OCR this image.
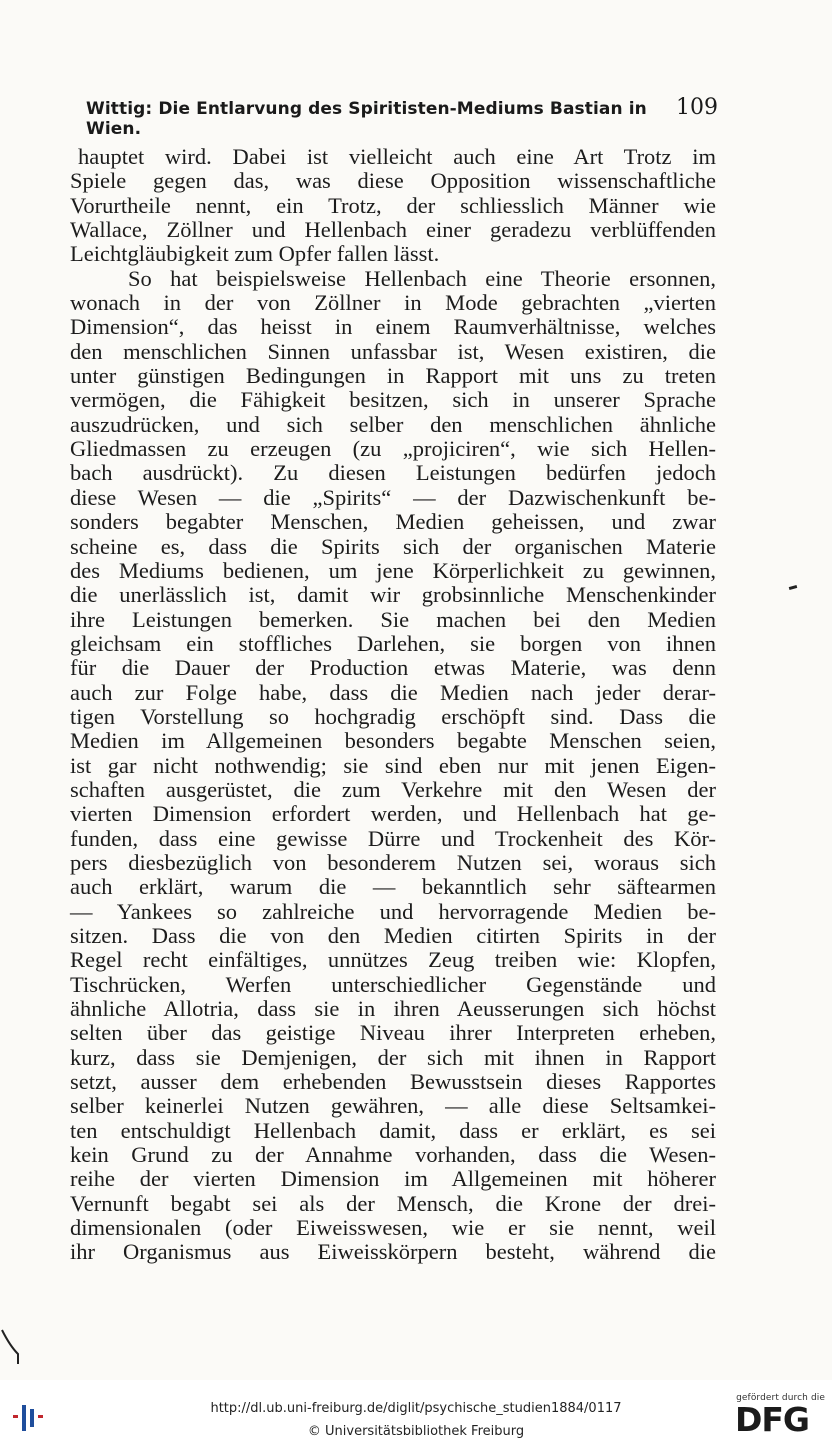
Wittig: Die Entlarvung des Spiritisten-Mediums Bastian in Wien.
109
hauptet wird. Dabei ist vielleicht auch eine Art Trotz im
Spiele gegen das, was diese Opposition wissenschaftliche
Vorurtheile nennt, ein Trotz, der schliesslich Männer wie
Wallace, Zöllner und Hellenbach einer geradezu verblüffenden
Leichtgläubigkeit zum Opfer fallen lässt.
So hat beispielsweise Hellenbach eine Theorie ersonnen,
wonach in der von Zöllner in Mode gebrachten „vierten
Dimension“, das heisst in einem Raumverhältnisse, welches
den menschlichen Sinnen unfassbar ist, Wesen existiren, die
unter günstigen Bedingungen in Rapport mit uns zu treten
vermögen, die Fähigkeit besitzen, sich in unserer Sprache
auszudrücken, und sich selber den menschlichen ähnliche
Gliedmassen zu erzeugen (zu „projiciren“, wie sich Hellen-
bach ausdrückt). Zu diesen Leistungen bedürfen jedoch
diese Wesen — die „Spirits“ — der Dazwischenkunft be-
sonders begabter Menschen, Medien geheissen, und zwar
scheine es, dass die Spirits sich der organischen Materie
des Mediums bedienen, um jene Körperlichkeit zu gewinnen,
die unerlässlich ist, damit wir grobsinnliche Menschenkinder
ihre Leistungen bemerken. Sie machen bei den Medien
gleichsam ein stoffliches Darlehen, sie borgen von ihnen
für die Dauer der Production etwas Materie, was denn
auch zur Folge habe, dass die Medien nach jeder derar-
tigen Vorstellung so hochgradig erschöpft sind. Dass die
Medien im Allgemeinen besonders begabte Menschen seien,
ist gar nicht nothwendig; sie sind eben nur mit jenen Eigen-
schaften ausgerüstet, die zum Verkehre mit den Wesen der
vierten Dimension erfordert werden, und Hellenbach hat ge-
funden, dass eine gewisse Dürre und Trockenheit des Kör-
pers diesbezüglich von besonderem Nutzen sei, woraus sich
auch erklärt, warum die — bekanntlich sehr säftearmen
— Yankees so zahlreiche und hervorragende Medien be-
sitzen. Dass die von den Medien citirten Spirits in der
Regel recht einfältiges, unnützes Zeug treiben wie: Klopfen,
Tischrücken, Werfen unterschiedlicher Gegenstände und
ähnliche Allotria, dass sie in ihren Aeusserungen sich höchst
selten über das geistige Niveau ihrer Interpreten erheben,
kurz, dass sie Demjenigen, der sich mit ihnen in Rapport
setzt, ausser dem erhebenden Bewusstsein dieses Rapportes
selber keinerlei Nutzen gewähren, — alle diese Seltsamkei-
ten entschuldigt Hellenbach damit, dass er erklärt, es sei
kein Grund zu der Annahme vorhanden, dass die Wesen-
reihe der vierten Dimension im Allgemeinen mit höherer
Vernunft begabt sei als der Mensch, die Krone der drei-
dimensionalen (oder Eiweisswesen, wie er sie nennt, weil
ihr Organismus aus Eiweisskörpern besteht, während die
http://dl.ub.uni-freiburg.de/diglit/psychische_studien1884/0117
© Universitätsbibliothek Freiburg
gefördert durch die
DFG
